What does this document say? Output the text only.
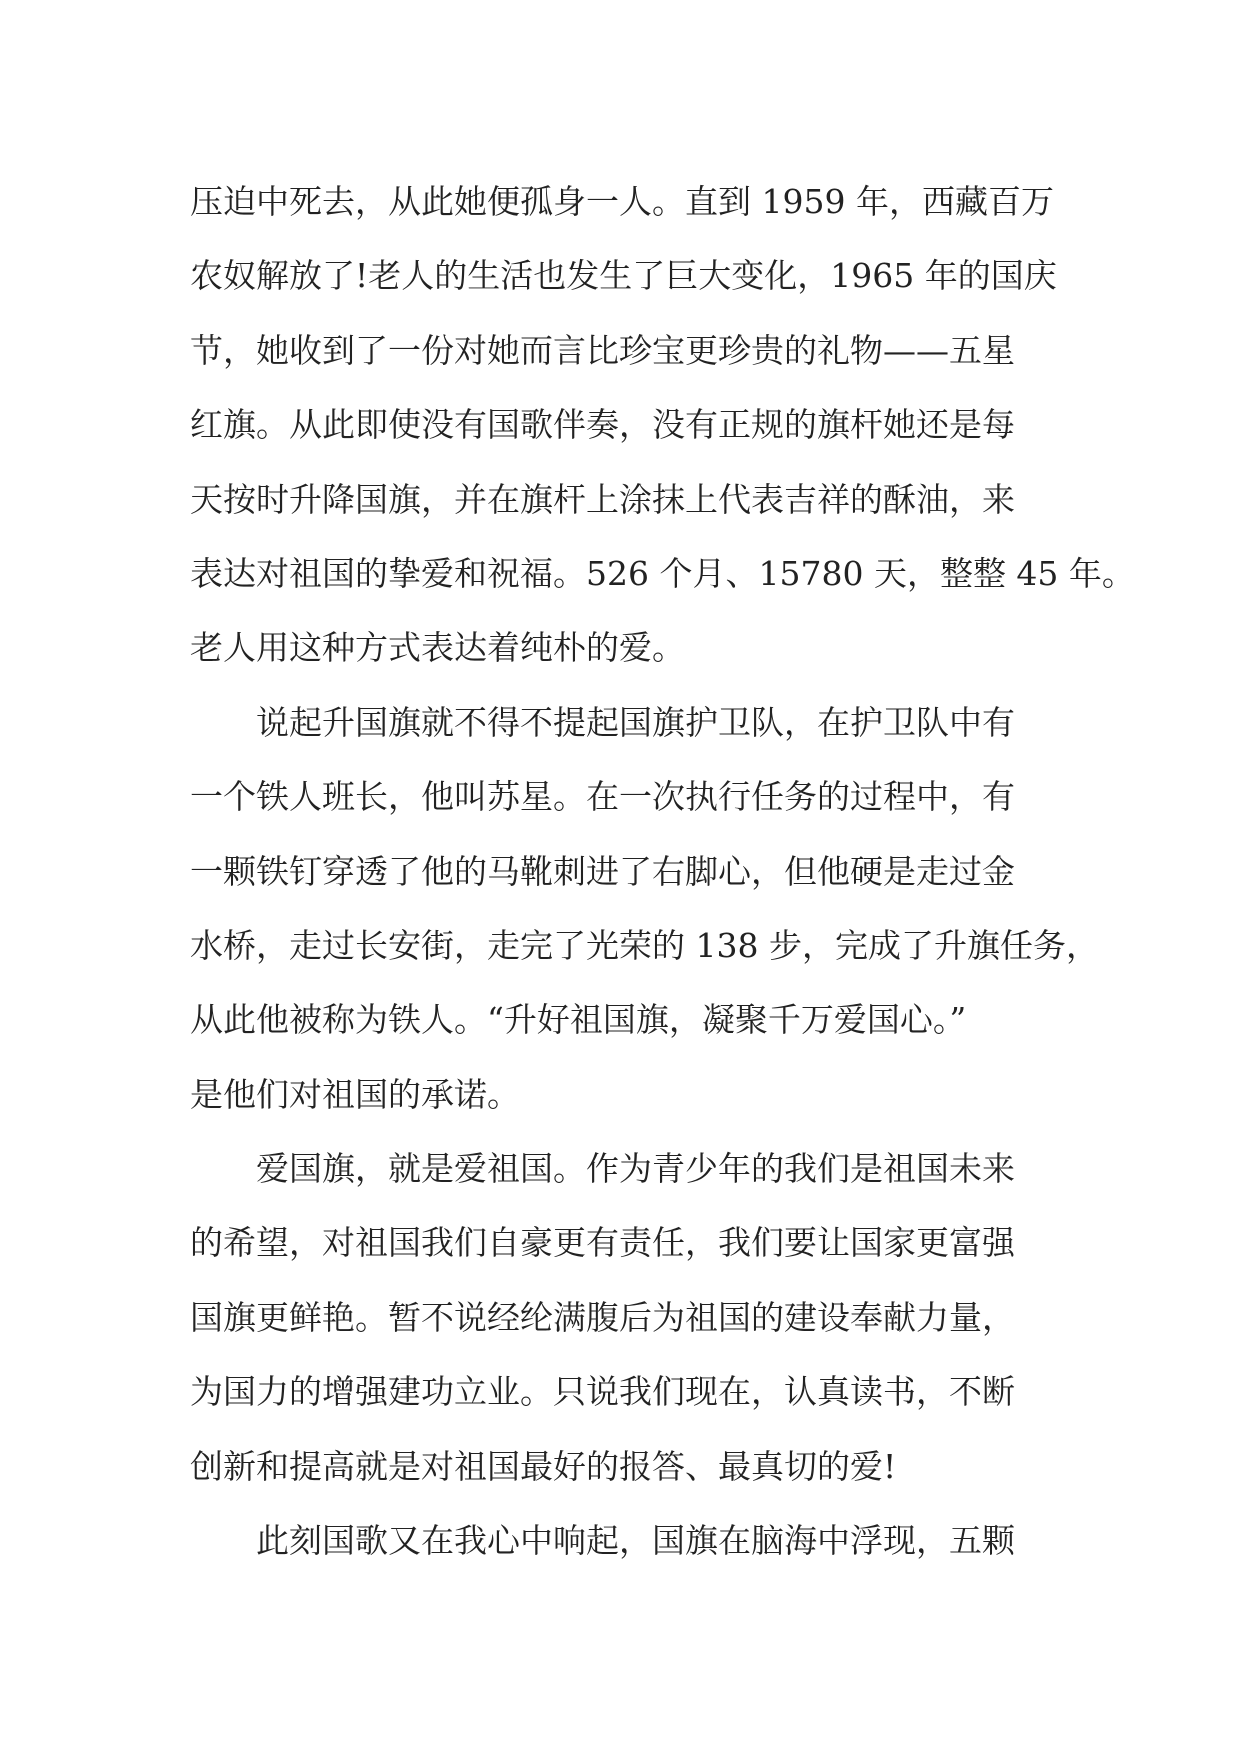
压迫中死去，从此她便孤身一人。直到 1959 年，西藏百万
农奴解放了!老人的生活也发生了巨大变化，1965 年的国庆
节，她收到了一份对她而言比珍宝更珍贵的礼物——五星
红旗。从此即使没有国歌伴奏，没有正规的旗杆她还是每
天按时升降国旗，并在旗杆上涂抹上代表吉祥的酥油，来
表达对祖国的挚爱和祝福。526 个月、15780 天，整整 45 年。
老人用这种方式表达着纯朴的爱。
说起升国旗就不得不提起国旗护卫队，在护卫队中有
一个铁人班长，他叫苏星。在一次执行任务的过程中，有
一颗铁钉穿透了他的马靴刺进了右脚心，但他硬是走过金
水桥，走过长安街，走完了光荣的 138 步，完成了升旗任务，
从此他被称为铁人。“升好祖国旗，凝聚千万爱国心。”
是他们对祖国的承诺。
爱国旗，就是爱祖国。作为青少年的我们是祖国未来
的希望，对祖国我们自豪更有责任，我们要让国家更富强
国旗更鲜艳。暂不说经纶满腹后为祖国的建设奉献力量，
为国力的增强建功立业。只说我们现在，认真读书，不断
创新和提高就是对祖国最好的报答、最真切的爱!
此刻国歌又在我心中响起，国旗在脑海中浮现，五颗
